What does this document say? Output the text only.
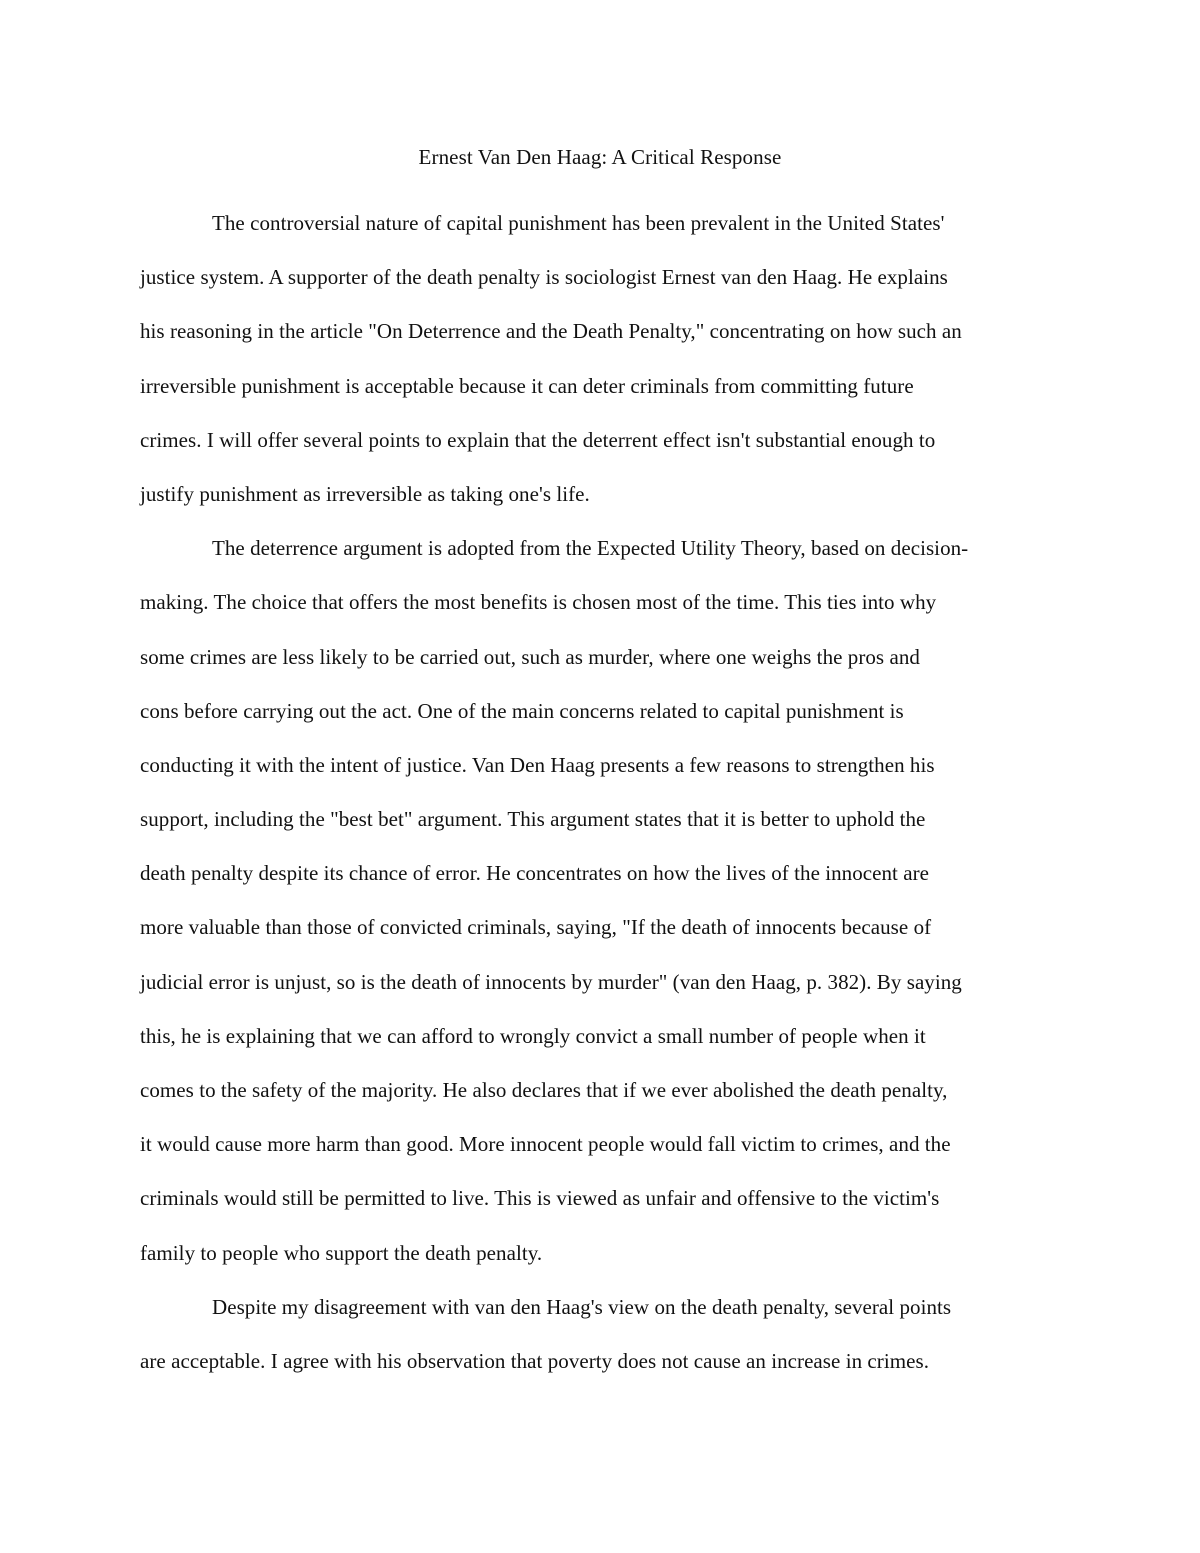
Ernest Van Den Haag: A Critical Response
The controversial nature of capital punishment has been prevalent in the United States'
justice system. A supporter of the death penalty is sociologist Ernest van den Haag. He explains
his reasoning in the article "On Deterrence and the Death Penalty," concentrating on how such an
irreversible punishment is acceptable because it can deter criminals from committing future
crimes. I will offer several points to explain that the deterrent effect isn't substantial enough to
justify punishment as irreversible as taking one's life.
The deterrence argument is adopted from the Expected Utility Theory, based on decision-
making. The choice that offers the most benefits is chosen most of the time. This ties into why
some crimes are less likely to be carried out, such as murder, where one weighs the pros and
cons before carrying out the act. One of the main concerns related to capital punishment is
conducting it with the intent of justice. Van Den Haag presents a few reasons to strengthen his
support, including the "best bet" argument. This argument states that it is better to uphold the
death penalty despite its chance of error. He concentrates on how the lives of the innocent are
more valuable than those of convicted criminals, saying, "If the death of innocents because of
judicial error is unjust, so is the death of innocents by murder" (van den Haag, p. 382). By saying
this, he is explaining that we can afford to wrongly convict a small number of people when it
comes to the safety of the majority. He also declares that if we ever abolished the death penalty,
it would cause more harm than good. More innocent people would fall victim to crimes, and the
criminals would still be permitted to live. This is viewed as unfair and offensive to the victim's
family to people who support the death penalty.
Despite my disagreement with van den Haag's view on the death penalty, several points
are acceptable. I agree with his observation that poverty does not cause an increase in crimes.
